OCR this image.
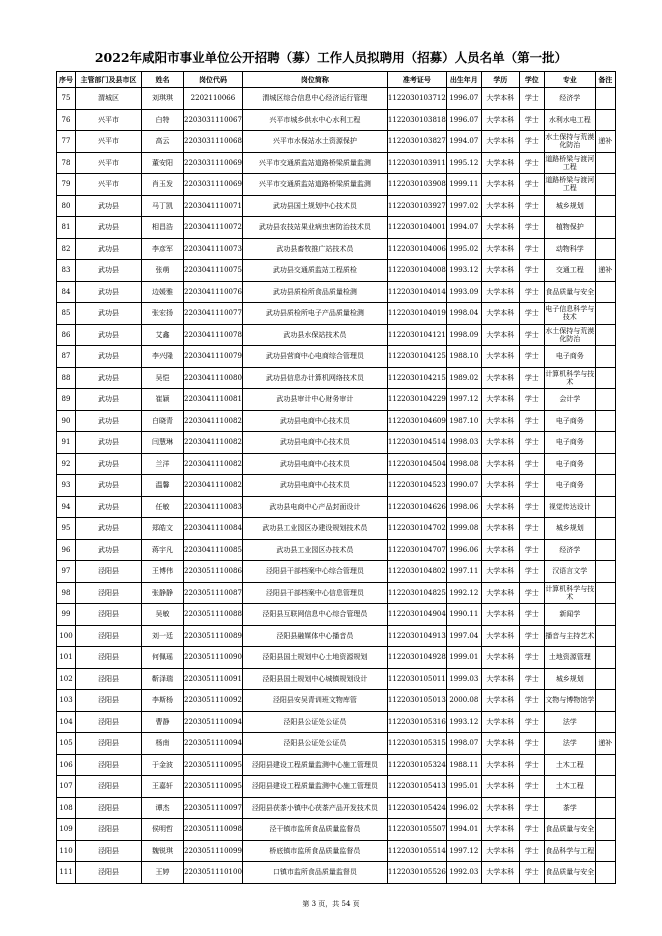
2022年咸阳市事业单位公开招聘（募）工作人员拟聘用（招募）人员名单（第一批）
序号	主管部门及县市区	姓名	岗位代码	岗位简称	准考证号	出生年月	学历	学位	专业	备注
75	渭城区	刘琪琪	2202110066	渭城区综合信息中心经济运行管理	1122030103712	1996.07	大学本科	学士	经济学	
76	兴平市	白特	2203031110067	兴平市城乡供水中心水利工程	1122030103818	1996.07	大学本科	学士	水利水电工程	
77	兴平市	高云	2203031110068	兴平市水保站水土资源保护	1122030103827	1994.07	大学本科	学士	水土保持与荒漠化防治	递补
78	兴平市	董安阳	2203031110069	兴平市交通质监站道路桥梁质量监测	1122030103911	1995.12	大学本科	学士	道路桥梁与渡河工程	
79	兴平市	肖玉发	2203031110069	兴平市交通质监站道路桥梁质量监测	1122030103908	1999.11	大学本科	学士	道路桥梁与渡河工程	
80	武功县	马丁凯	2203041110071	武功县国土规划中心技术员	1122030103927	1997.02	大学本科	学士	城乡规划	
81	武功县	相昌浩	2203041110072	武功县农技站果业病虫害防治技术员	1122030104001	1994.07	大学本科	学士	植物保护	
82	武功县	李彦军	2203041110073	武功县畜牧推广站技术员	1122030104006	1995.02	大学本科	学士	动物科学	
83	武功县	张萌	2203041110075	武功县交通质监站工程质检	1122030104008	1993.12	大学本科	学士	交通工程	递补
84	武功县	边媛雅	2203041110076	武功县质检所食品质量检测	1122030104014	1993.09	大学本科	学士	食品质量与安全	
85	武功县	张宏扬	2203041110077	武功县质检所电子产品质量检测	1122030104019	1998.04	大学本科	学士	电子信息科学与技术	
86	武功县	艾鑫	2203041110078	武功县水保站技术员	1122030104121	1998.09	大学本科	学士	水土保持与荒漠化防治	
87	武功县	李兴隆	2203041110079	武功县营商中心电商综合管理员	1122030104125	1988.10	大学本科	学士	电子商务	
88	武功县	吴恺	2203041110080	武功县信息办计算机网络技术员	1122030104215	1989.02	大学本科	学士	计算机科学与技术	
89	武功县	崔颖	2203041110081	武功县审计中心财务审计	1122030104229	1997.12	大学本科	学士	会计学	
90	武功县	白晓青	2203041110082	武功县电商中心技术员	1122030104609	1987.10	大学本科	学士	电子商务	
91	武功县	闫慧琳	2203041110082	武功县电商中心技术员	1122030104514	1998.03	大学本科	学士	电子商务	
92	武功县	兰洋	2203041110082	武功县电商中心技术员	1122030104504	1998.08	大学本科	学士	电子商务	
93	武功县	温馨	2203041110082	武功县电商中心技术员	1122030104523	1990.07	大学本科	学士	电子商务	
94	武功县	任敏	2203041110083	武功县电商中心产品封面设计	1122030104626	1998.06	大学本科	学士	视觉传达设计	
95	武功县	郑皓文	2203041110084	武功县工业园区办建设规划技术员	1122030104702	1999.08	大学本科	学士	城乡规划	
96	武功县	蒋宇凡	2203041110085	武功县工业园区办技术员	1122030104707	1996.06	大学本科	学士	经济学	
97	泾阳县	王博伟	2203051110086	泾阳县干部档案中心综合管理员	1122030104802	1997.11	大学本科	学士	汉语言文学	
98	泾阳县	张静静	2203051110087	泾阳县干部档案中心信息管理员	1122030104825	1992.12	大学本科	学士	计算机科学与技术	
99	泾阳县	吴敏	2203051110088	泾阳县互联网信息中心综合管理员	1122030104904	1990.11	大学本科	学士	新闻学	
100	泾阳县	刘一廷	2203051110089	泾阳县融媒体中心播音员	1122030104913	1997.04	大学本科	学士	播音与主持艺术	
101	泾阳县	何佩瑶	2203051110090	泾阳县国土规划中心土地资源规划	1122030104928	1999.01	大学本科	学士	土地资源管理	
102	泾阳县	靳泽瑞	2203051110091	泾阳县国土规划中心城镇规划设计	1122030105011	1999.03	大学本科	学士	城乡规划	
103	泾阳县	李斯杨	2203051110092	泾阳县安吴青训班文物库管	1122030105013	2000.08	大学本科	学士	文物与博物馆学	
104	泾阳县	曹静	2203051110094	泾阳县公证处公证员	1122030105316	1993.12	大学本科	学士	法学	
105	泾阳县	杨南	2203051110094	泾阳县公证处公证员	1122030105315	1998.07	大学本科	学士	法学	递补
106	泾阳县	于金波	2203051110095	泾阳县建设工程质量监测中心施工管理员	1122030105324	1988.11	大学本科	学士	土木工程	
107	泾阳县	王嘉轩	2203051110095	泾阳县建设工程质量监测中心施工管理员	1122030105413	1995.01	大学本科	学士	土木工程	
108	泾阳县	谭杰	2203051110097	泾阳县茯茶小镇中心茯茶产品开发技术员	1122030105424	1996.02	大学本科	学士	茶学	
109	泾阳县	侯明哲	2203051110098	泾干镇市监所食品质量监督员	1122030105507	1994.01	大学本科	学士	食品质量与安全	
110	泾阳县	魏锐琪	2203051110099	桥底镇市监所食品质量监督员	1122030105514	1997.12	大学本科	学士	食品科学与工程	
111	泾阳县	王婷	2203051110100	口镇市监所食品质量监督员	1122030105526	1992.03	大学本科	学士	食品质量与安全	
第 3 页，共 54 页
